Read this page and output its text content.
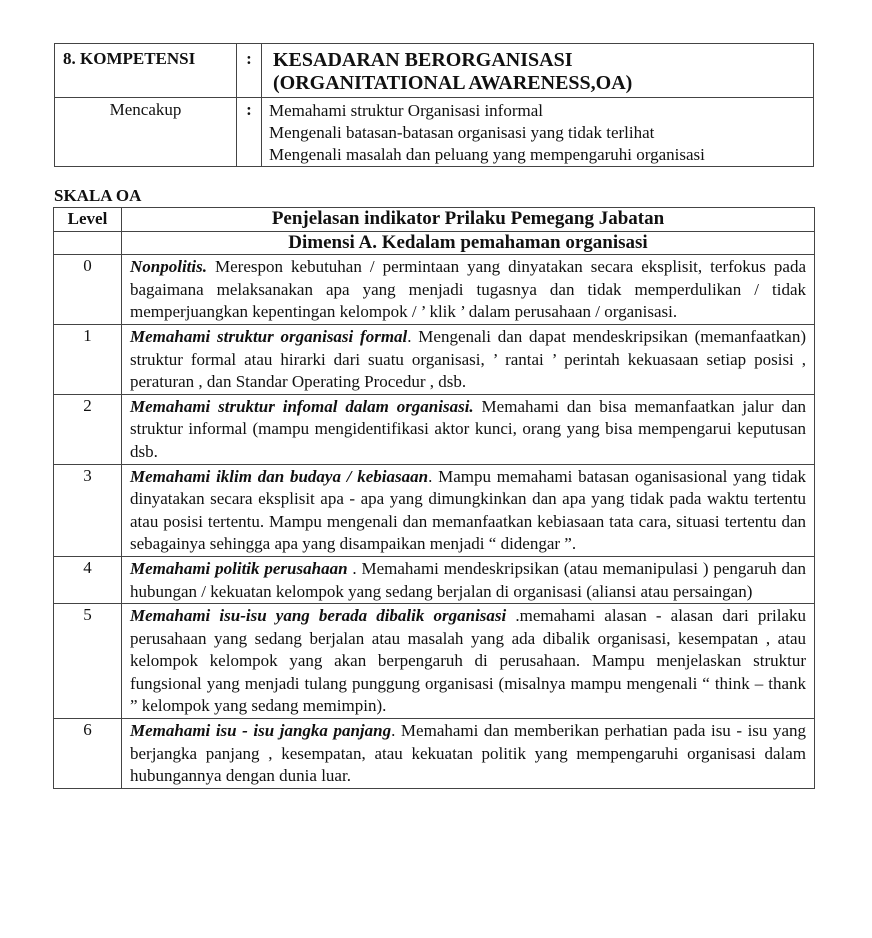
8. KOMPETENSI	:	KESADARAN BERORGANISASI
(ORGANITATIONAL AWARENESS,OA)

Mencakup	:	Memahami struktur Organisasi informal
Mengenali batasan-batasan organisasi yang tidak terlihat
Mengenali masalah dan peluang yang mempengaruhi organisasi
SKALA OA
Level	Penjelasan indikator Prilaku Pemegang Jabatan
	Dimensi A. Kedalam pemahaman organisasi
0	Nonpolitis. Merespon kebutuhan / permintaan yang dinyatakan secara eksplisit, terfokus pada bagaimana melaksanakan apa yang menjadi tugasnya dan tidak memperdulikan / tidak memperjuangkan kepentingan kelompok / ’ klik ’ dalam perusahaan / organisasi.
1	Memahami struktur organisasi formal. Mengenali dan dapat mendeskripsikan (memanfaatkan) struktur formal atau hirarki dari suatu organisasi, ’ rantai ’ perintah kekuasaan setiap posisi , peraturan , dan Standar Operating Procedur , dsb.
2	Memahami struktur infomal dalam organisasi. Memahami dan bisa memanfaatkan jalur dan struktur informal (mampu mengidentifikasi aktor kunci, orang yang bisa mempengarui keputusan dsb.
3	Memahami iklim dan budaya / kebiasaan. Mampu memahami batasan oganisasional yang tidak dinyatakan secara eksplisit apa - apa yang dimungkinkan dan apa yang tidak pada waktu tertentu atau posisi tertentu. Mampu mengenali dan memanfaatkan kebiasaan tata cara, situasi tertentu dan sebagainya sehingga apa yang disampaikan menjadi “ didengar ”.
4	Memahami politik perusahaan . Memahami mendeskripsikan (atau memanipulasi ) pengaruh dan hubungan / kekuatan kelompok yang sedang berjalan di organisasi (aliansi atau persaingan)
5	Memahami isu-isu yang berada dibalik organisasi .memahami alasan - alasan dari prilaku perusahaan yang sedang berjalan atau masalah yang ada dibalik organisasi, kesempatan , atau kelompok kelompok yang akan berpengaruh di perusahaan. Mampu menjelaskan struktur fungsional yang menjadi tulang punggung organisasi (misalnya mampu mengenali “ think – thank ” kelompok yang sedang memimpin).
6	Memahami isu - isu jangka panjang. Memahami dan memberikan perhatian pada isu - isu yang berjangka panjang , kesempatan, atau kekuatan politik yang mempengaruhi organisasi dalam hubungannya dengan dunia luar.
